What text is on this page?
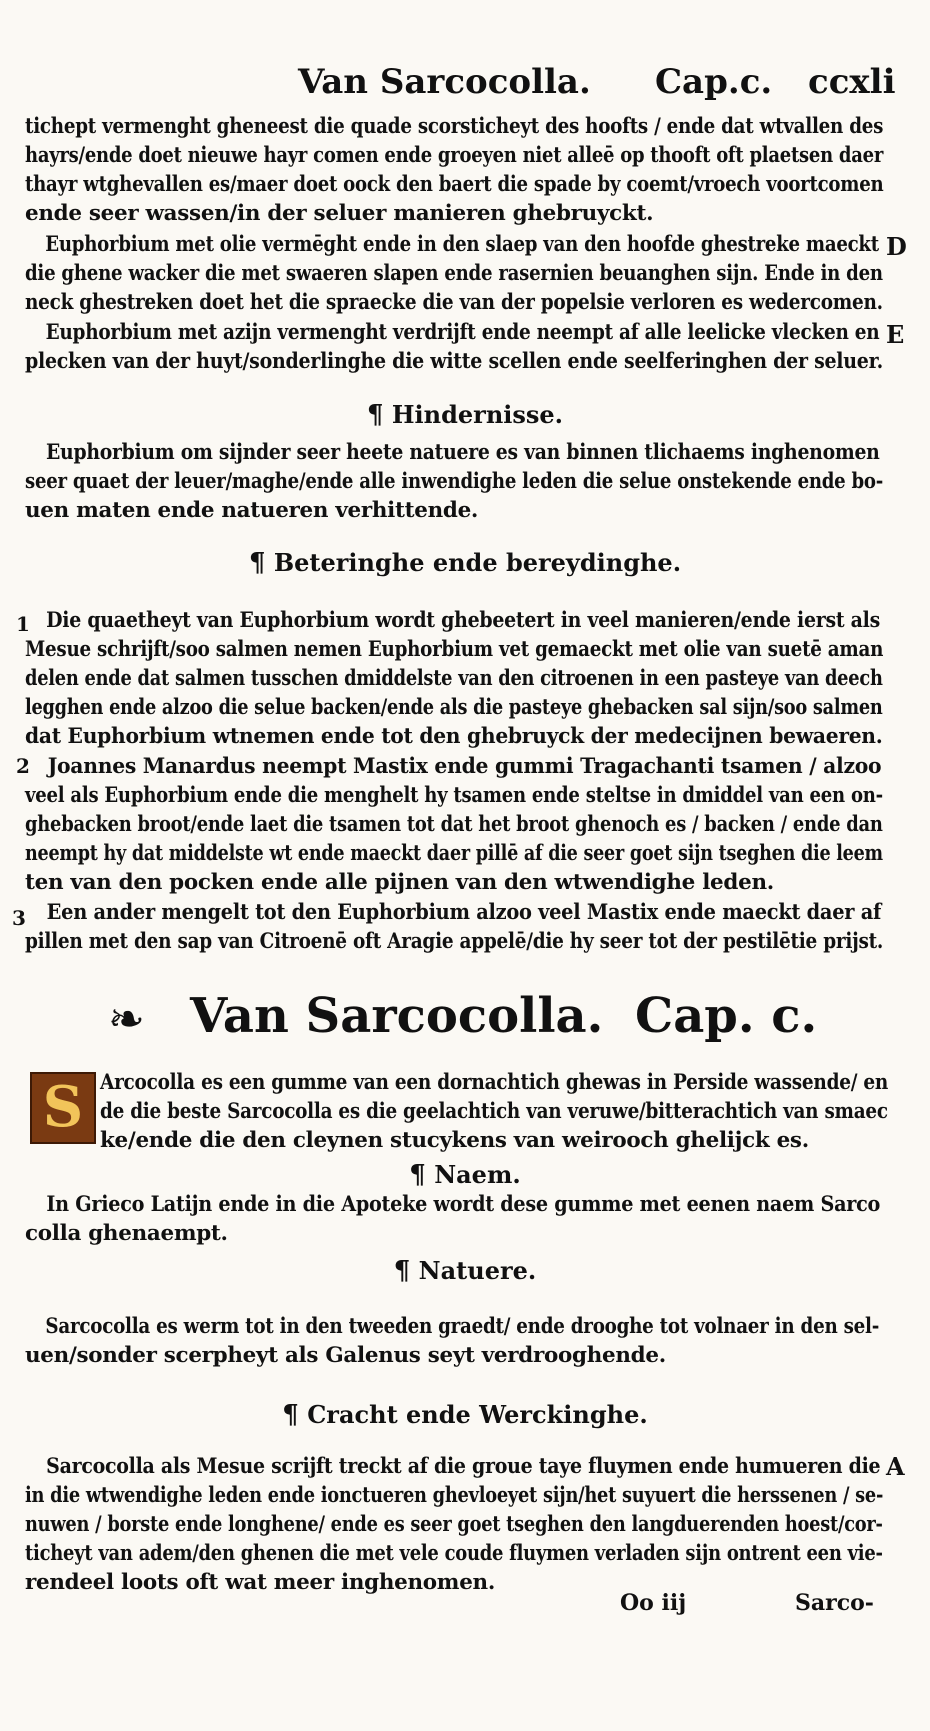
Van Sarcocolla. Cap.c. ccxli
tichept vermenght gheneest die quade scorsticheyt des hoofts / ende dat wtvallen des
hayrs/ende doet nieuwe hayr comen ende groeyen niet alleē op thooft oft plaetsen daer
thayr wtghevallen es/maer doet oock den baert die spade by coemt/vroech voortcomen
ende seer wassen/in der seluer manieren ghebruyckt.
Euphorbium met olie vermēght ende in den slaep van den hoofde ghestreke maeckt
die ghene wacker die met swaeren slapen ende rasernien beuanghen sijn. Ende in den
neck ghestreken doet het die spraecke die van der popelsie verloren es wedercomen.
D
Euphorbium met azijn vermenght verdrijft ende neempt af alle leelicke vlecken en
plecken van der huyt/sonderlinghe die witte scellen ende seelferinghen der seluer.
E
¶ Hindernisse.
Euphorbium om sijnder seer heete natuere es van binnen tlichaems inghenomen
seer quaet der leuer/maghe/ende alle inwendighe leden die selue onstekende ende bo-
uen maten ende natueren verhittende.
¶ Beteringhe ende bereydinghe.
1 Die quaetheyt van Euphorbium wordt ghebeetert in veel manieren/ende ierst als
Mesue schrijft/soo salmen nemen Euphorbium vet gemaeckt met olie van suetē aman
delen ende dat salmen tusschen dmiddelste van den citroenen in een pasteye van deech
legghen ende alzoo die selue backen/ende als die pasteye ghebacken sal sijn/soo salmen
dat Euphorbium wtnemen ende tot den ghebruyck der medecijnen bewaeren.
2 Joannes Manardus neempt Mastix ende gummi Tragachanti tsamen / alzoo
veel als Euphorbium ende die menghelt hy tsamen ende steltse in dmiddel van een on-
ghebacken broot/ende laet die tsamen tot dat het broot ghenoch es / backen / ende dan
neempt hy dat middelste wt ende maeckt daer pillē af die seer goet sijn tseghen die leem
ten van den pocken ende alle pijnen van den wtwendighe leden.
3 Een ander mengelt tot den Euphorbium alzoo veel Mastix ende maeckt daer af
pillen met den sap van Citroenē oft Aragie appelē/die hy seer tot der pestilētie prijst.
❧ Van Sarcocolla. Cap. c.
S Arcocolla es een gumme van een dornachtich ghewas in Perside wassende/ en
de die beste Sarcocolla es die geelachtich van veruwe/bitterachtich van smaec
ke/ende die den cleynen stucykens van weirooch ghelijck es.
¶ Naem.
In Grieco Latijn ende in die Apoteke wordt dese gumme met eenen naem Sarco
colla ghenaempt.
¶ Natuere.
Sarcocolla es werm tot in den tweeden graedt/ ende drooghe tot volnaer in den sel-
uen/sonder scerpheyt als Galenus seyt verdrooghende.
¶ Cracht ende Werckinghe.
Sarcocolla als Mesue scrijft treckt af die groue taye fluymen ende humueren die
in die wtwendighe leden ende ionctueren ghevloeyet sijn/het suyuert die herssenen / se-
nuwen / borste ende longhene/ ende es seer goet tseghen den langduerenden hoest/cor-
ticheyt van adem/den ghenen die met vele coude fluymen verladen sijn ontrent een vie-
rendeel loots oft wat meer inghenomen.
A
Oo iij	Sarco-
